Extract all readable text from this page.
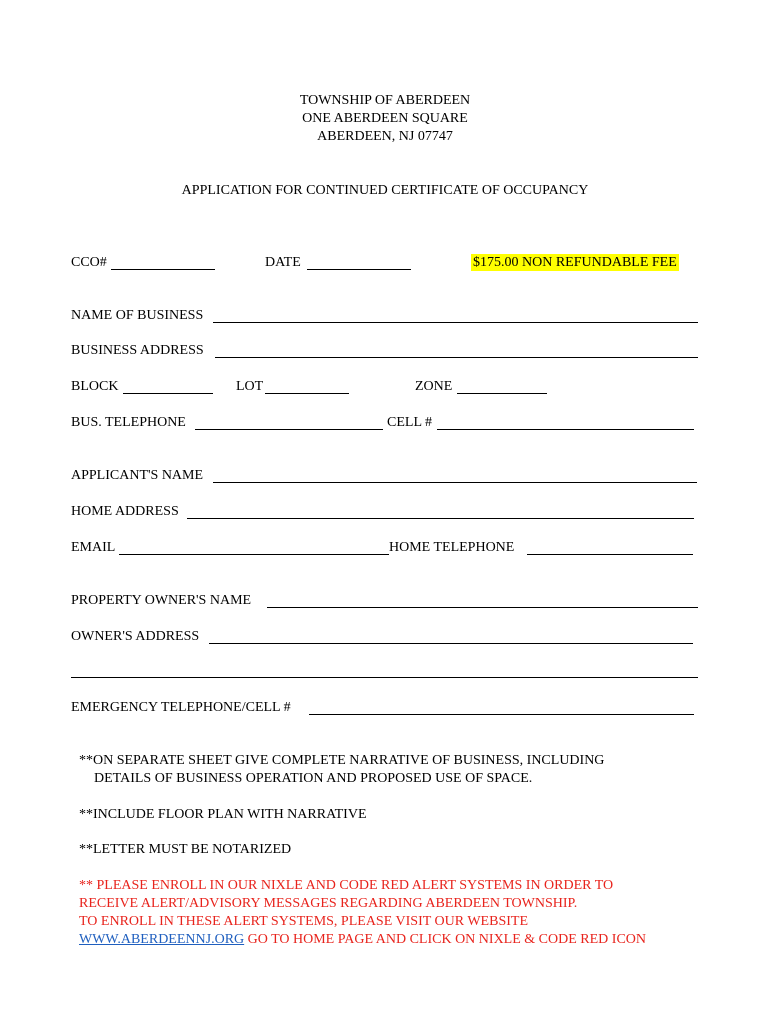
TOWNSHIP OF ABERDEEN
ONE ABERDEEN SQUARE
ABERDEEN, NJ 07747
APPLICATION FOR CONTINUED CERTIFICATE OF OCCUPANCY
CCO#	DATE	$175.00 NON REFUNDABLE FEE
NAME OF BUSINESS
BUSINESS ADDRESS
BLOCK	LOT	ZONE
BUS. TELEPHONE	CELL #
APPLICANT'S NAME
HOME ADDRESS
EMAIL	HOME TELEPHONE
PROPERTY OWNER'S NAME
OWNER'S ADDRESS
EMERGENCY TELEPHONE/CELL #
**ON SEPARATE SHEET GIVE COMPLETE NARRATIVE OF BUSINESS, INCLUDING
DETAILS OF BUSINESS OPERATION AND PROPOSED USE OF SPACE.
**INCLUDE FLOOR PLAN WITH NARRATIVE
**LETTER MUST BE NOTARIZED
** PLEASE ENROLL IN OUR NIXLE AND CODE RED ALERT SYSTEMS IN ORDER TO
RECEIVE ALERT/ADVISORY MESSAGES REGARDING ABERDEEN TOWNSHIP.
TO ENROLL IN THESE ALERT SYSTEMS, PLEASE VISIT OUR WEBSITE
WWW.ABERDEENNJ.ORG GO TO HOME PAGE AND CLICK ON NIXLE & CODE RED ICON
